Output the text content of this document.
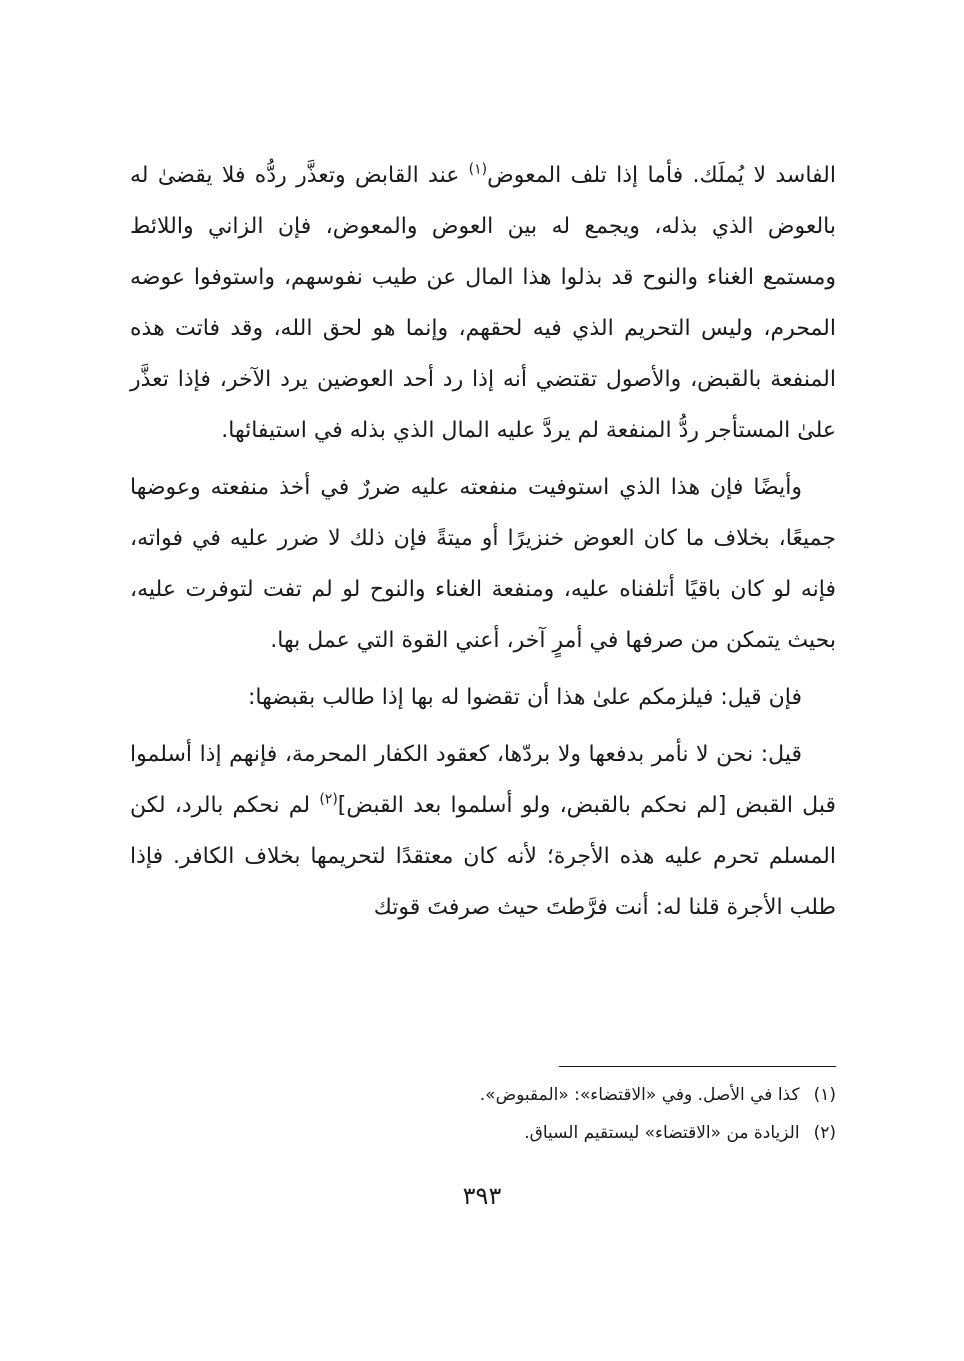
الفاسد لا يُملَك. فأما إذا تلف المعوض$^{(١)}$ عند القابض وتعذَّر ردُّه فلا يقضىٰ له بالعوض الذي بذله، ويجمع له بين العوض والمعوض، فإن الزاني واللائط ومستمع الغناء والنوح قد بذلوا هذا المال عن طيب نفوسهم، واستوفوا عوضه المحرم، وليس التحريم الذي فيه لحقهم، وإنما هو لحق الله، وقد فاتت هذه المنفعة بالقبض، والأصول تقتضي أنه إذا رد أحد العوضين يرد الآخر، فإذا تعذَّر علىٰ المستأجر ردُّ المنفعة لم يردَّ عليه المال الذي بذله في استيفائها.

وأيضًا فإن هذا الذي استوفيت منفعته عليه ضررٌ في أخذ منفعته وعوضها جميعًا، بخلاف ما كان العوض خنزيرًا أو ميتةً فإن ذلك لا ضرر عليه في فواته، فإنه لو كان باقيًا أتلفناه عليه، ومنفعة الغناء والنوح لو لم تفت لتوفرت عليه، بحيث يتمكن من صرفها في أمرٍ آخر، أعني القوة التي عمل بها.

فإن قيل: فيلزمكم علىٰ هذا أن تقضوا له بها إذا طالب بقبضها:

قيل: نحن لا نأمر بدفعها ولا بردّها، كعقود الكفار المحرمة، فإنهم إذا أسلموا قبل القبض [لم نحكم بالقبض، ولو أسلموا بعد القبض]$^{(٢)}$ لم نحكم بالرد، لكن المسلم تحرم عليه هذه الأجرة؛ لأنه كان معتقدًا لتحريمها بخلاف الكافر. فإذا طلب الأجرة قلنا له: أنت فرَّطتَ حيث صرفتَ قوتك

(١)
كذا في الأصل. وفي «الاقتضاء»: «المقبوض».
(٢)
الزيادة من «الاقتضاء» ليستقيم السياق.
٣٩٣
